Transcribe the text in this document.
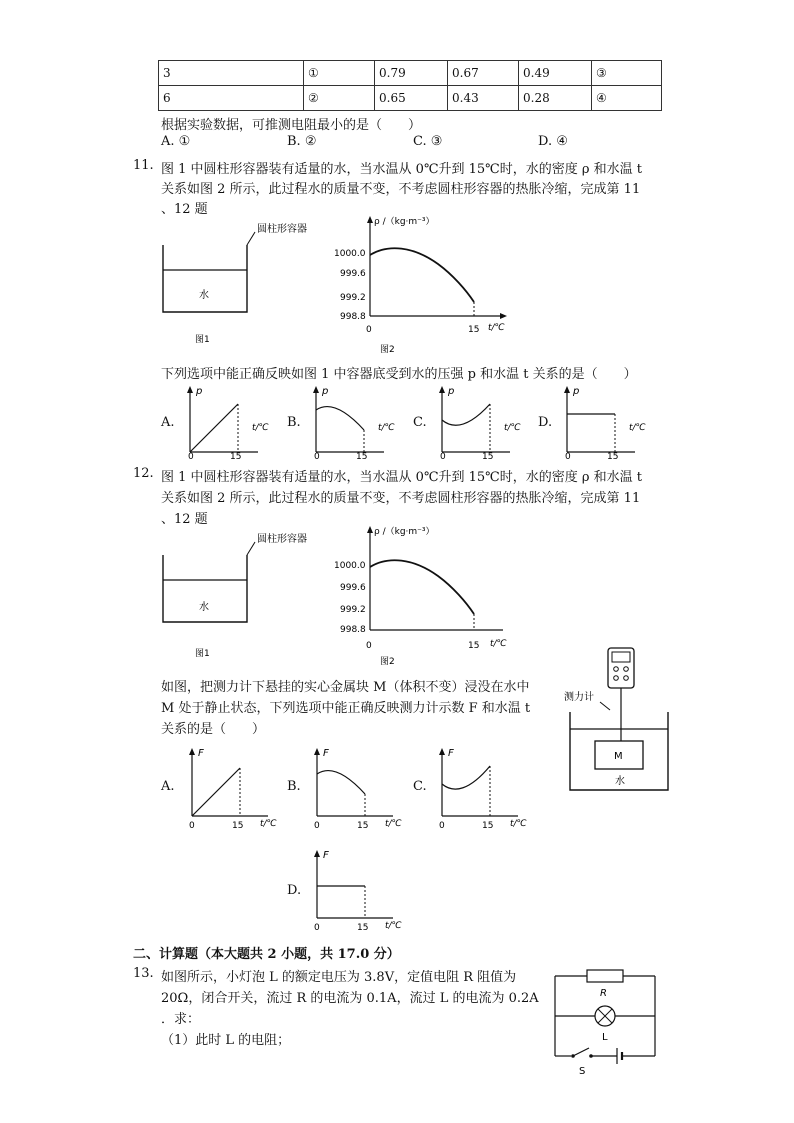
3	①	0.79	0.67	0.49	③
6	②	0.65	0.43	0.28	④
根据实验数据，可推测电阻最小的是（　　）
A. ①	B. ②	C. ③	D. ④
11. 图 1 中圆柱形容器装有适量的水，当水温从 0℃升到 15℃时，水的密度 ρ 和水温 t
关系如图 2 所示，此过程水的质量不变，不考虑圆柱形容器的热胀冷缩，完成第 11
、12 题
圆柱形容器
水
图1
ρ /（kg·m⁻³）
t/℃
1000.0
999.6
999.2
998.8
0	15
图2
下列选项中能正确反映如图 1 中容器底受到水的压强 p 和水温 t 关系的是（　　）
A.
p
t/℃
0	15
B.
p
t/℃
0	15
C.
p
t/℃
0	15
D.
p
t/℃
0	15
12. 图 1 中圆柱形容器装有适量的水，当水温从 0℃升到 15℃时，水的密度 ρ 和水温 t
关系如图 2 所示，此过程水的质量不变，不考虑圆柱形容器的热胀冷缩，完成第 11
、12 题
圆柱形容器
水
图1
ρ /（kg·m⁻³）
t/℃
1000.0
999.6
999.2
998.8
0	15
图2
如图，把测力计下悬挂的实心金属块 M（体积不变）浸没在水中
M 处于静止状态，下列选项中能正确反映测力计示数 F 和水温 t
关系的是（　　）
测力计
M
水
A.
F
t/℃
0	15
B.
F
t/℃
0	15
C.
F
t/℃
0	15
D.
F
t/℃
0	15
二、计算题（本大题共 2 小题，共 17.0 分）
13. 如图所示，小灯泡 L 的额定电压为 3.8V，定值电阻 R 阻值为
20Ω，闭合开关，流过 R 的电流为 0.1A，流过 L 的电流为 0.2A
．求：
（1）此时 L 的电阻；
R
L
S
